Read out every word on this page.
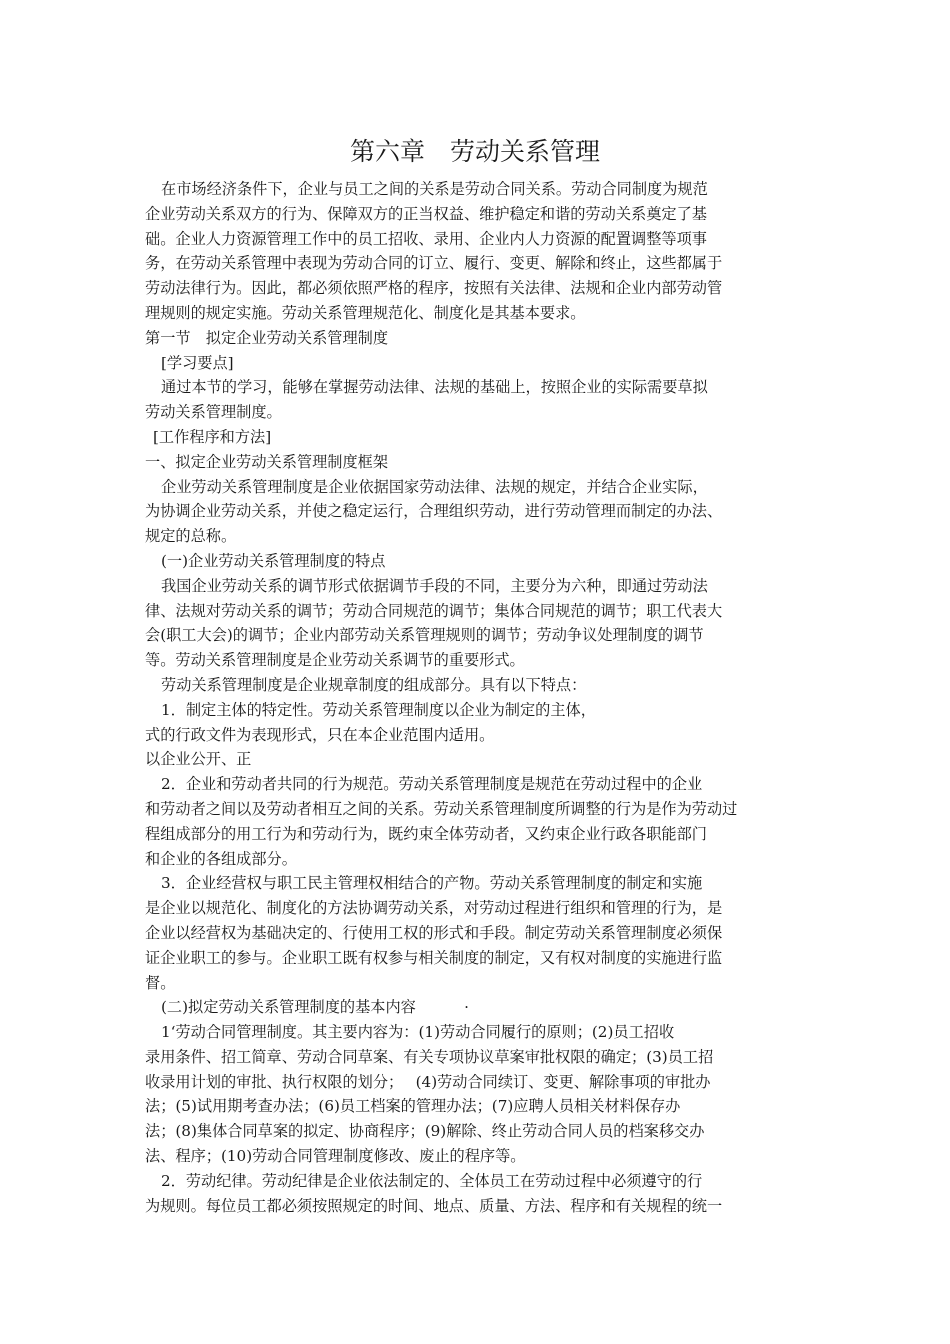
第六章　劳动关系管理
在市场经济条件下，企业与员工之间的关系是劳动合同关系。劳动合同制度为规范
企业劳动关系双方的行为、保障双方的正当权益、维护稳定和谐的劳动关系奠定了基
础。企业人力资源管理工作中的员工招收、录用、企业内人力资源的配置调整等项事
务，在劳动关系管理中表现为劳动合同的订立、履行、变更、解除和终止，这些都属于
劳动法律行为。因此，都必须依照严格的程序，按照有关法律、法规和企业内部劳动管
理规则的规定实施。劳动关系管理规范化、制度化是其基本要求。
第一节　拟定企业劳动关系管理制度
[学习要点]
通过本节的学习，能够在掌握劳动法律、法规的基础上，按照企业的实际需要草拟
劳动关系管理制度。
[工作程序和方法]
一、拟定企业劳动关系管理制度框架
企业劳动关系管理制度是企业依据国家劳动法律、法规的规定，并结合企业实际，
为协调企业劳动关系，并使之稳定运行，合理组织劳动，进行劳动管理而制定的办法、
规定的总称。
(一)企业劳动关系管理制度的特点
我国企业劳动关系的调节形式依据调节手段的不同，主要分为六种，即通过劳动法
律、法规对劳动关系的调节；劳动合同规范的调节；集体合同规范的调节；职工代表大
会(职工大会)的调节；企业内部劳动关系管理规则的调节；劳动争议处理制度的调节
等。劳动关系管理制度是企业劳动关系调节的重要形式。
劳动关系管理制度是企业规章制度的组成部分。具有以下特点：
1．制定主体的特定性。劳动关系管理制度以企业为制定的主体，
式的行政文件为表现形式，只在本企业范围内适用。
以企业公开、正
2．企业和劳动者共同的行为规范。劳动关系管理制度是规范在劳动过程中的企业
和劳动者之间以及劳动者相互之间的关系。劳动关系管理制度所调整的行为是作为劳动过
程组成部分的用工行为和劳动行为，既约束全体劳动者，又约束企业行政各职能部门
和企业的各组成部分。
3．企业经营权与职工民主管理权相结合的产物。劳动关系管理制度的制定和实施
是企业以规范化、制度化的方法协调劳动关系，对劳动过程进行组织和管理的行为，是
企业以经营权为基础决定的、行使用工权的形式和手段。制定劳动关系管理制度必须保
证企业职工的参与。企业职工既有权参与相关制度的制定，又有权对制度的实施进行监
督。
(二)拟定劳动关系管理制度的基本内容          ·
1‘劳动合同管理制度。其主要内容为：(1)劳动合同履行的原则；(2)员工招收
录用条件、招工简章、劳动合同草案、有关专项协议草案审批权限的确定；(3)员工招
收录用计划的审批、执行权限的划分；　 (4)劳动合同续订、变更、解除事项的审批办
法；(5)试用期考查办法；(6)员工档案的管理办法；(7)应聘人员相关材料保存办
法；(8)集体合同草案的拟定、协商程序；(9)解除、终止劳动合同人员的档案移交办
法、程序；(10)劳动合同管理制度修改、废止的程序等。
2．劳动纪律。劳动纪律是企业依法制定的、全体员工在劳动过程中必须遵守的行
为规则。每位员工都必须按照规定的时间、地点、质量、方法、程序和有关规程的统一
